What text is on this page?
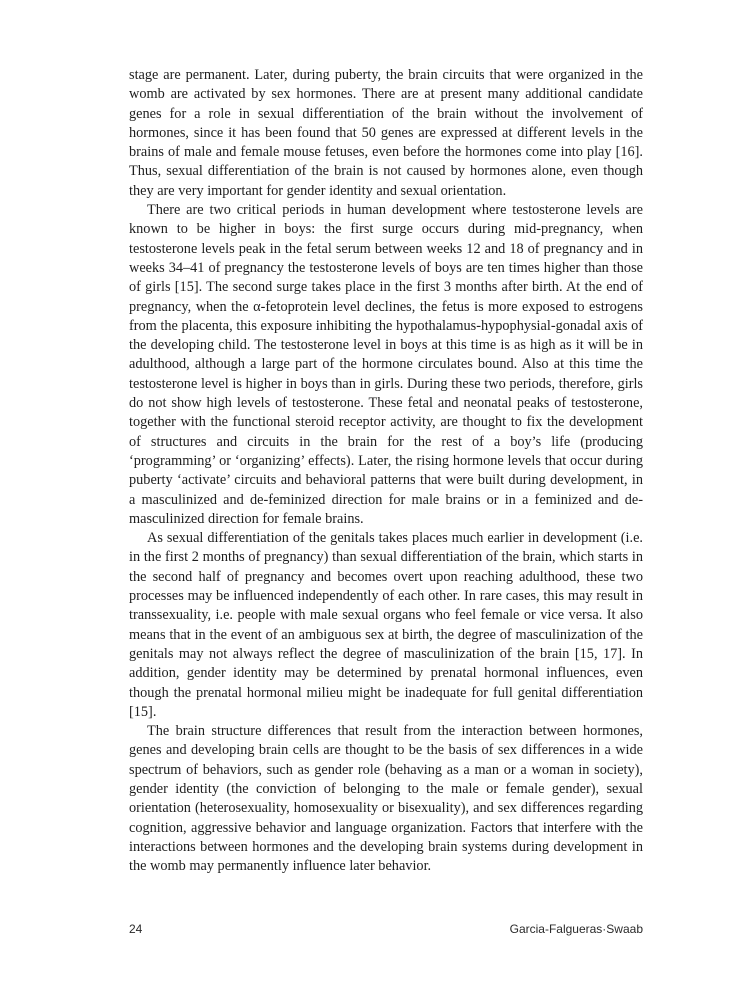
stage are permanent. Later, during puberty, the brain circuits that were organized in the womb are activated by sex hormones. There are at present many additional candidate genes for a role in sexual differentiation of the brain without the involvement of hormones, since it has been found that 50 genes are expressed at different levels in the brains of male and female mouse fetuses, even before the hormones come into play [16]. Thus, sexual differentiation of the brain is not caused by hormones alone, even though they are very important for gender identity and sexual orientation.

There are two critical periods in human development where testosterone levels are known to be higher in boys: the first surge occurs during mid-pregnancy, when testosterone levels peak in the fetal serum between weeks 12 and 18 of pregnancy and in weeks 34–41 of pregnancy the testosterone levels of boys are ten times higher than those of girls [15]. The second surge takes place in the first 3 months after birth. At the end of pregnancy, when the α-fetoprotein level declines, the fetus is more exposed to estrogens from the placenta, this exposure inhibiting the hypothalamus-hypophysial-gonadal axis of the developing child. The testosterone level in boys at this time is as high as it will be in adulthood, although a large part of the hormone circulates bound. Also at this time the testosterone level is higher in boys than in girls. During these two periods, therefore, girls do not show high levels of testosterone. These fetal and neonatal peaks of testosterone, together with the functional steroid receptor activity, are thought to fix the development of structures and circuits in the brain for the rest of a boy’s life (producing ‘programming’ or ‘organizing’ effects). Later, the rising hormone levels that occur during puberty ‘activate’ circuits and behavioral patterns that were built during development, in a masculinized and de-feminized direction for male brains or in a feminized and de-masculinized direction for female brains.

As sexual differentiation of the genitals takes places much earlier in development (i.e. in the first 2 months of pregnancy) than sexual differentiation of the brain, which starts in the second half of pregnancy and becomes overt upon reaching adulthood, these two processes may be influenced independently of each other. In rare cases, this may result in transsexuality, i.e. people with male sexual organs who feel female or vice versa. It also means that in the event of an ambiguous sex at birth, the degree of masculinization of the genitals may not always reflect the degree of masculinization of the brain [15, 17]. In addition, gender identity may be determined by prenatal hormonal influences, even though the prenatal hormonal milieu might be inadequate for full genital differentiation [15].

The brain structure differences that result from the interaction between hormones, genes and developing brain cells are thought to be the basis of sex differences in a wide spectrum of behaviors, such as gender role (behaving as a man or a woman in society), gender identity (the conviction of belonging to the male or female gender), sexual orientation (heterosexuality, homosexuality or bisexuality), and sex differences regarding cognition, aggressive behavior and language organization. Factors that interfere with the interactions between hormones and the developing brain systems during development in the womb may permanently influence later behavior.

24	Garcia-Falgueras·Swaab
